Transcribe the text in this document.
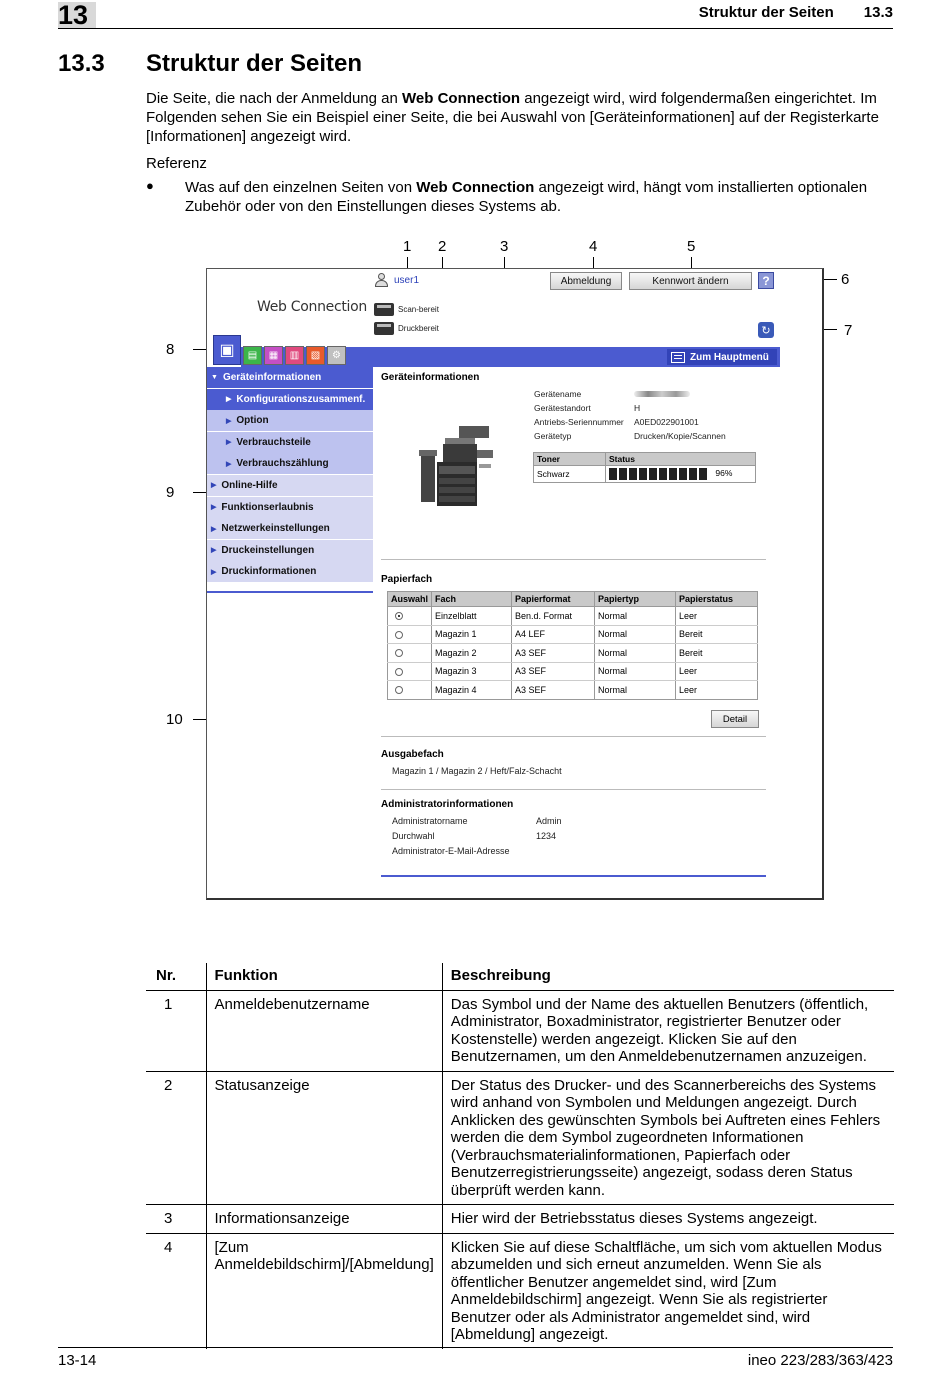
13	Struktur der Seiten 13.3
13.3 Struktur der Seiten

Die Seite, die nach der Anmeldung an Web Connection angezeigt wird, wird folgendermaßen eingerichtet. Im Folgenden sehen Sie ein Beispiel einer Seite, die bei Auswahl von [Geräteinformationen] auf der Registerkarte [Informationen] angezeigt wird.

Referenz
● Was auf den einzelnen Seiten von Web Connection angezeigt wird, hängt vom installierten optionalen Zubehör oder von den Einstellungen dieses Systems ab.

1 2	3	4	5
6
7
8
9
10
Web Connection
user1	Abmeldung	Kennwort ändern	?
Scan-bereit
Druckbereit	↻
▣	▤	▦	▥	▧	⚙	Zum Hauptmenü
▼ Geräteinformationen
▶ Konfigurationszusammenf.
▶ Option
▶ Verbrauchsteile
▶ Verbrauchszählung
▶ Online-Hilfe
▶ Funktionserlaubnis
▶ Netzwerkeinstellungen
▶ Druckeinstellungen
▶ Druckinformationen
Geräteinformationen
Gerätename
Gerätestandort	H
Antriebs-Seriennummer A0ED022901001
Gerätetyp	Drucken/Kopie/Scannen
Toner	Status
Schwarz	96%
Papierfach
Auswahl	Fach	Papierformat	Papiertyp	Papierstatus
	Einzelblatt	Ben.d. Format	Normal	Leer
	Magazin 1	A4 LEF	Normal	Bereit
	Magazin 2	A3 SEF	Normal	Bereit
	Magazin 3	A3 SEF	Normal	Leer
	Magazin 4	A3 SEF	Normal	Leer
Detail
Ausgabefach
Magazin 1 / Magazin 2 / Heft/Falz-Schacht
Administratorinformationen
Administratorname	Admin
Durchwahl	1234
Administrator-E-Mail-Adresse
Nr.	Funktion	Beschreibung
1	Anmeldebenutzername	Das Symbol und der Name des aktuellen Benutzers (öffentlich, Administrator, Boxadministrator, registrierter Benutzer oder Kostenstelle) werden angezeigt. Klicken Sie auf den Benutzernamen, um den Anmeldebenutzernamen anzuzeigen.
2	Statusanzeige	Der Status des Drucker- und des Scannerbereichs des Systems wird anhand von Symbolen und Meldungen angezeigt. Durch Anklicken des gewünschten Symbols bei Auftreten eines Fehlers werden die dem Symbol zugeordneten Informationen (Verbrauchsmaterialinformationen, Papierfach oder Benutzerregistrierungsseite) angezeigt, sodass deren Status überprüft werden kann.
3	Informationsanzeige	Hier wird der Betriebsstatus dieses Systems angezeigt.
4	[Zum Anmeldebildschirm]/[Abmeldung]	Klicken Sie auf diese Schaltfläche, um sich vom aktuellen Modus abzumelden und sich erneut anzumelden. Wenn Sie als öffentlicher Benutzer angemeldet sind, wird [Zum Anmeldebildschirm] angezeigt. Wenn Sie als registrierter Benutzer oder als Administrator angemeldet sind, wird [Abmeldung] angezeigt.
13-14	ineo 223/283/363/423
